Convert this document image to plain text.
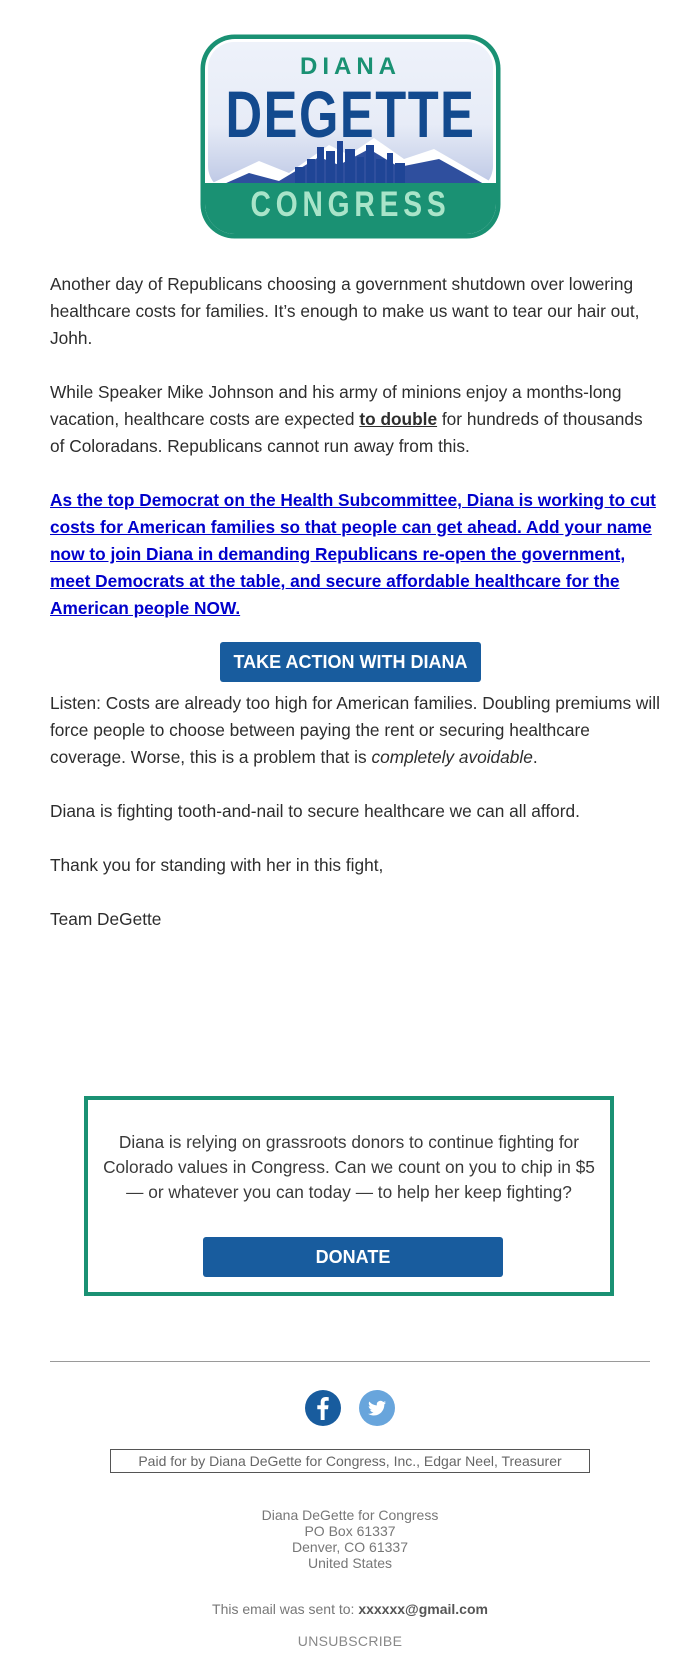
DIANA
DEGETTE
CONGRESS

Another day of Republicans choosing a government shutdown over lowering healthcare costs for families. It’s enough to make us want to tear our hair out, Johh.

While Speaker Mike Johnson and his army of minions enjoy a months-long vacation, healthcare costs are expected to double for hundreds of thousands of Coloradans. Republicans cannot run away from this.

As the top Democrat on the Health Subcommittee, Diana is working to cut costs for American families so that people can get ahead. Add your name now to join Diana in demanding Republicans re-open the government, meet Democrats at the table, and secure affordable healthcare for the American people NOW.

TAKE ACTION WITH DIANA

Listen: Costs are already too high for American families. Doubling premiums will force people to choose between paying the rent or securing healthcare coverage. Worse, this is a problem that is completely avoidable.

Diana is fighting tooth-and-nail to secure healthcare we can all afford.

Thank you for standing with her in this fight,

Team DeGette

Diana is relying on grassroots donors to continue fighting for Colorado values in Congress. Can we count on you to chip in $5 — or whatever you can today — to help her keep fighting?
DONATE
Paid for by Diana DeGette for Congress, Inc., Edgar Neel, Treasurer
Diana DeGette for Congress
PO Box 61337
Denver, CO 61337
United States
This email was sent to: xxxxxx@gmail.com
UNSUBSCRIBE
